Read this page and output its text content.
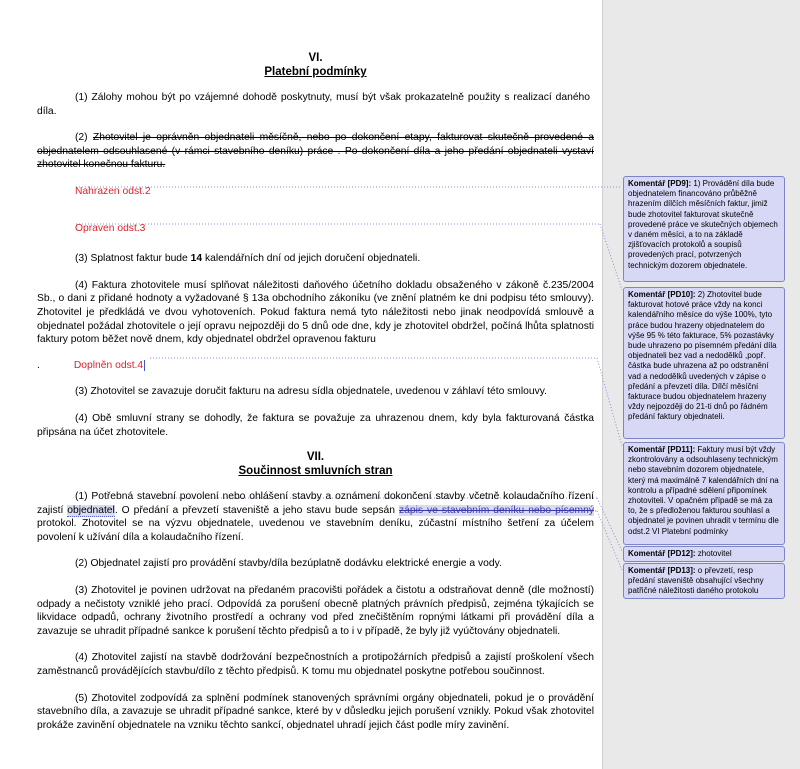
VI.

Platební podmínky

(1) Zálohy mohou být po vzájemné dohodě poskytnuty, musí být však prokazatelně použity s realizací daného díla.

(2) Zhotovitel je oprávněn objednateli měsíčně, nebo po dokončení etapy, fakturovat skutečně provedené a objednatelem odsouhlasené (v rámci stavebního deníku) práce . Po dokončení díla a jeho předání objednateli vystaví zhotovitel konečnou fakturu.

Nahrazen odst.2

Opraven odst.3

(3) Splatnost faktur bude 14 kalendářních dní od jejich doručení objednateli.

(4) Faktura zhotovitele musí splňovat náležitosti daňového účetního dokladu obsaženého v zákoně č.235/2004 Sb., o dani z přidané hodnoty a vyžadované § 13a obchodního zákoníku (ve znění platném ke dni podpisu této smlouvy). Zhotovitel je předkládá ve dvou vyhotoveních. Pokud faktura nemá tyto náležitosti nebo jinak neodpovídá smlouvě a objednatel požádal zhotovitele o její opravu nejpozději do 5 dnů ode dne, kdy je zhotovitel obdržel, počíná lhůta splatnosti faktury potom běžet nově dnem, kdy objednatel obdržel opravenou fakturu

.	Doplněn odst.4

(3) Zhotovitel se zavazuje doručit fakturu na adresu sídla objednatele, uvedenou v záhlaví této smlouvy.

(4) Obě smluvní strany se dohodly, že faktura se považuje za uhrazenou dnem, kdy byla fakturovaná částka připsána na účet zhotovitele.

VII.

Součinnost smluvních stran

(1) Potřebná stavební povolení nebo ohlášení stavby a oznámení dokončení stavby včetně kolaudačního řízení zajistí objednatel. O předání a převzetí staveniště a jeho stavu bude sepsán zápis ve stavebním deníku nebo písemný protokol. Zhotovitel se na výzvu objednatele, uvedenou ve stavebním deníku, zúčastní místního šetření za účelem povolení k užívání díla a kolaudačního řízení.

(2) Objednatel zajistí pro provádění stavby/díla bezúplatně dodávku elektrické energie a vody.

(3) Zhotovitel je povinen udržovat na předaném pracovišti pořádek a čistotu a odstraňovat denně (dle možností) odpady a nečistoty vzniklé jeho prací. Odpovídá za porušení obecně platných právních předpisů, zejména týkajících se likvidace odpadů, ochrany životního prostředí a ochrany vod před znečištěním ropnými látkami při provádění díla a zavazuje se uhradit případné sankce k porušení těchto předpisů a to i v případě, že byly již vyúčtovány objednateli.

(4) Zhotovitel zajistí na stavbě dodržování bezpečnostních a protipožárních předpisů a zajistí proškolení všech zaměstnanců provádějících stavbu/dílo z těchto předpisů. K tomu mu objednatel poskytne potřebou součinnost.

(5) Zhotovitel zodpovídá za splnění podmínek stanovených správními orgány objednateli, pokud je o provádění stavebního díla, a zavazuje se uhradit případné sankce, které by v důsledku jejich porušení vznikly. Pokud však zhotovitel prokáže zavinění objednatele na vzniku těchto sankcí, objednatel uhradí jejich část podle míry zavinění.

Komentář [PD9]: 1) Provádění díla bude objednatelem financováno průběžně hrazením dílčích měsíčních faktur, jimiž bude zhotovitel fakturovat skutečně provedené práce ve skutečných objemech v daném měsíci, a to na základě zjišťovacích protokolů a soupisů provedených prací, potvrzených technickým dozorem objednatele.
Komentář [PD10]: 2) Zhotovitel bude fakturovat hotové práce vždy na konci kalendářního měsíce do výše 100%, tyto práce budou hrazeny objednatelem do výše 95 % této fakturace, 5% pozastávky bude uhrazeno po písemném předání díla objednateli bez vad a nedodělků ,popř. částka bude uhrazena až po odstranění vad a nedodělků uvedených v zápise o předání a převzetí díla. Dílčí měsíční fakturace budou objednatelem hrazeny vždy nejpozději do 21-ti dnů po řádném předání faktury objednateli.
Komentář [PD11]: Faktury musí být vždy zkontrolovány a odsouhlaseny technickým nebo stavebním dozorem objednatele, který má maximálně 7 kalendářních dní na kontrolu a případné sdělení připomínek zhotoviteli. V opačném případě se má za to, že s předloženou fakturou souhlasí a objednatel je povinen uhradit v termínu dle odst.2 VI Platební podmínky
Komentář [PD12]: zhotovitel
Komentář [PD13]: o převzetí, resp předání staveniště obsahující všechny patřičné náležitosti daného protokolu
